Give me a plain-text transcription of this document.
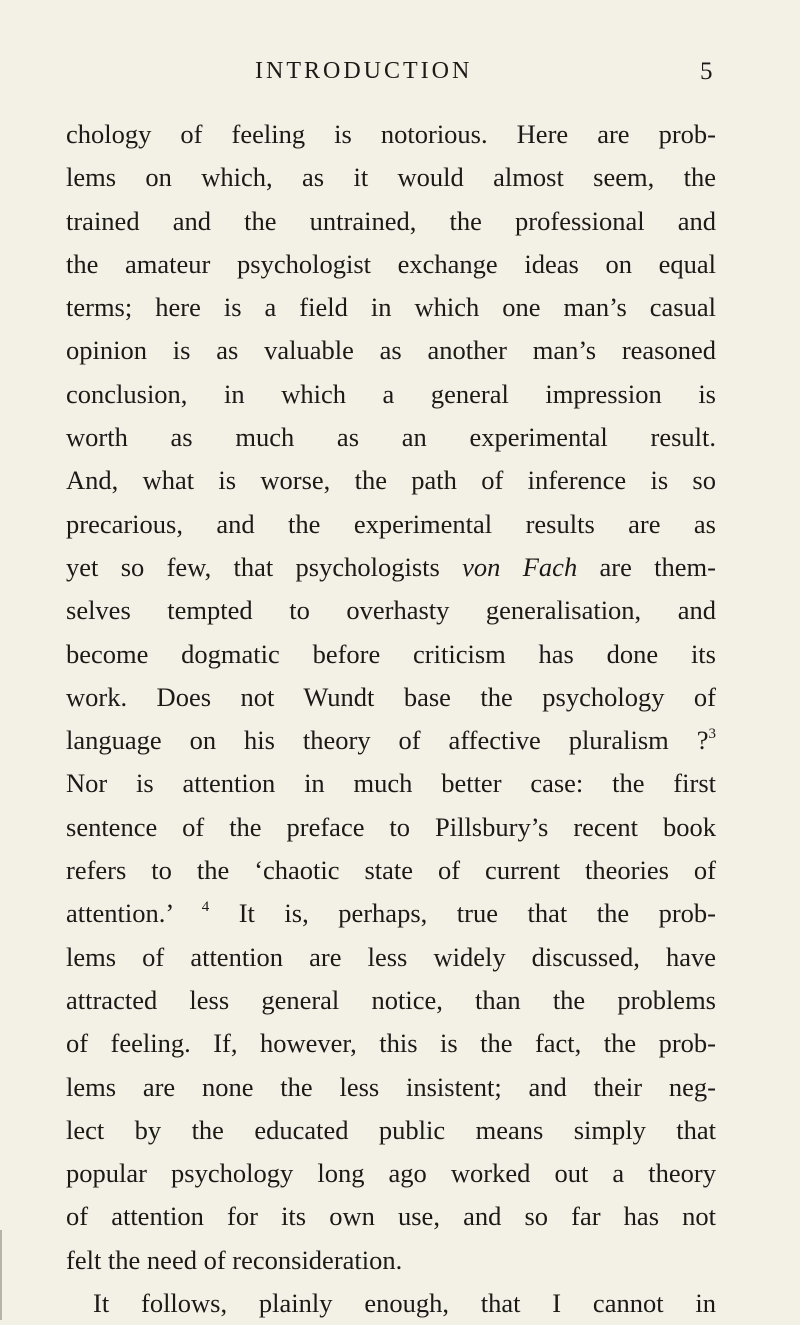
INTRODUCTION	5
chology of feeling is notorious. Here are prob-
lems on which, as it would almost seem, the
trained and the untrained, the professional and
the amateur psychologist exchange ideas on equal
terms; here is a field in which one man’s casual
opinion is as valuable as another man’s reasoned
conclusion, in which a general impression is
worth as much as an experimental result.
And, what is worse, the path of inference is so
precarious, and the experimental results are as
yet so few, that psychologists von Fach are them-
selves tempted to overhasty generalisation, and
become dogmatic before criticism has done its
work. Does not Wundt base the psychology of
language on his theory of affective pluralism ?$^3$
Nor is attention in much better case: the first
sentence of the preface to Pillsbury’s recent book
refers to the ‘chaotic state of current theories of
attention.’ $^4$ It is, perhaps, true that the prob-
lems of attention are less widely discussed, have
attracted less general notice, than the problems
of feeling. If, however, this is the fact, the prob-
lems are none the less insistent; and their neg-
lect by the educated public means simply that
popular psychology long ago worked out a theory
of attention for its own use, and so far has not
felt the need of reconsideration.
It follows, plainly enough, that I cannot in
